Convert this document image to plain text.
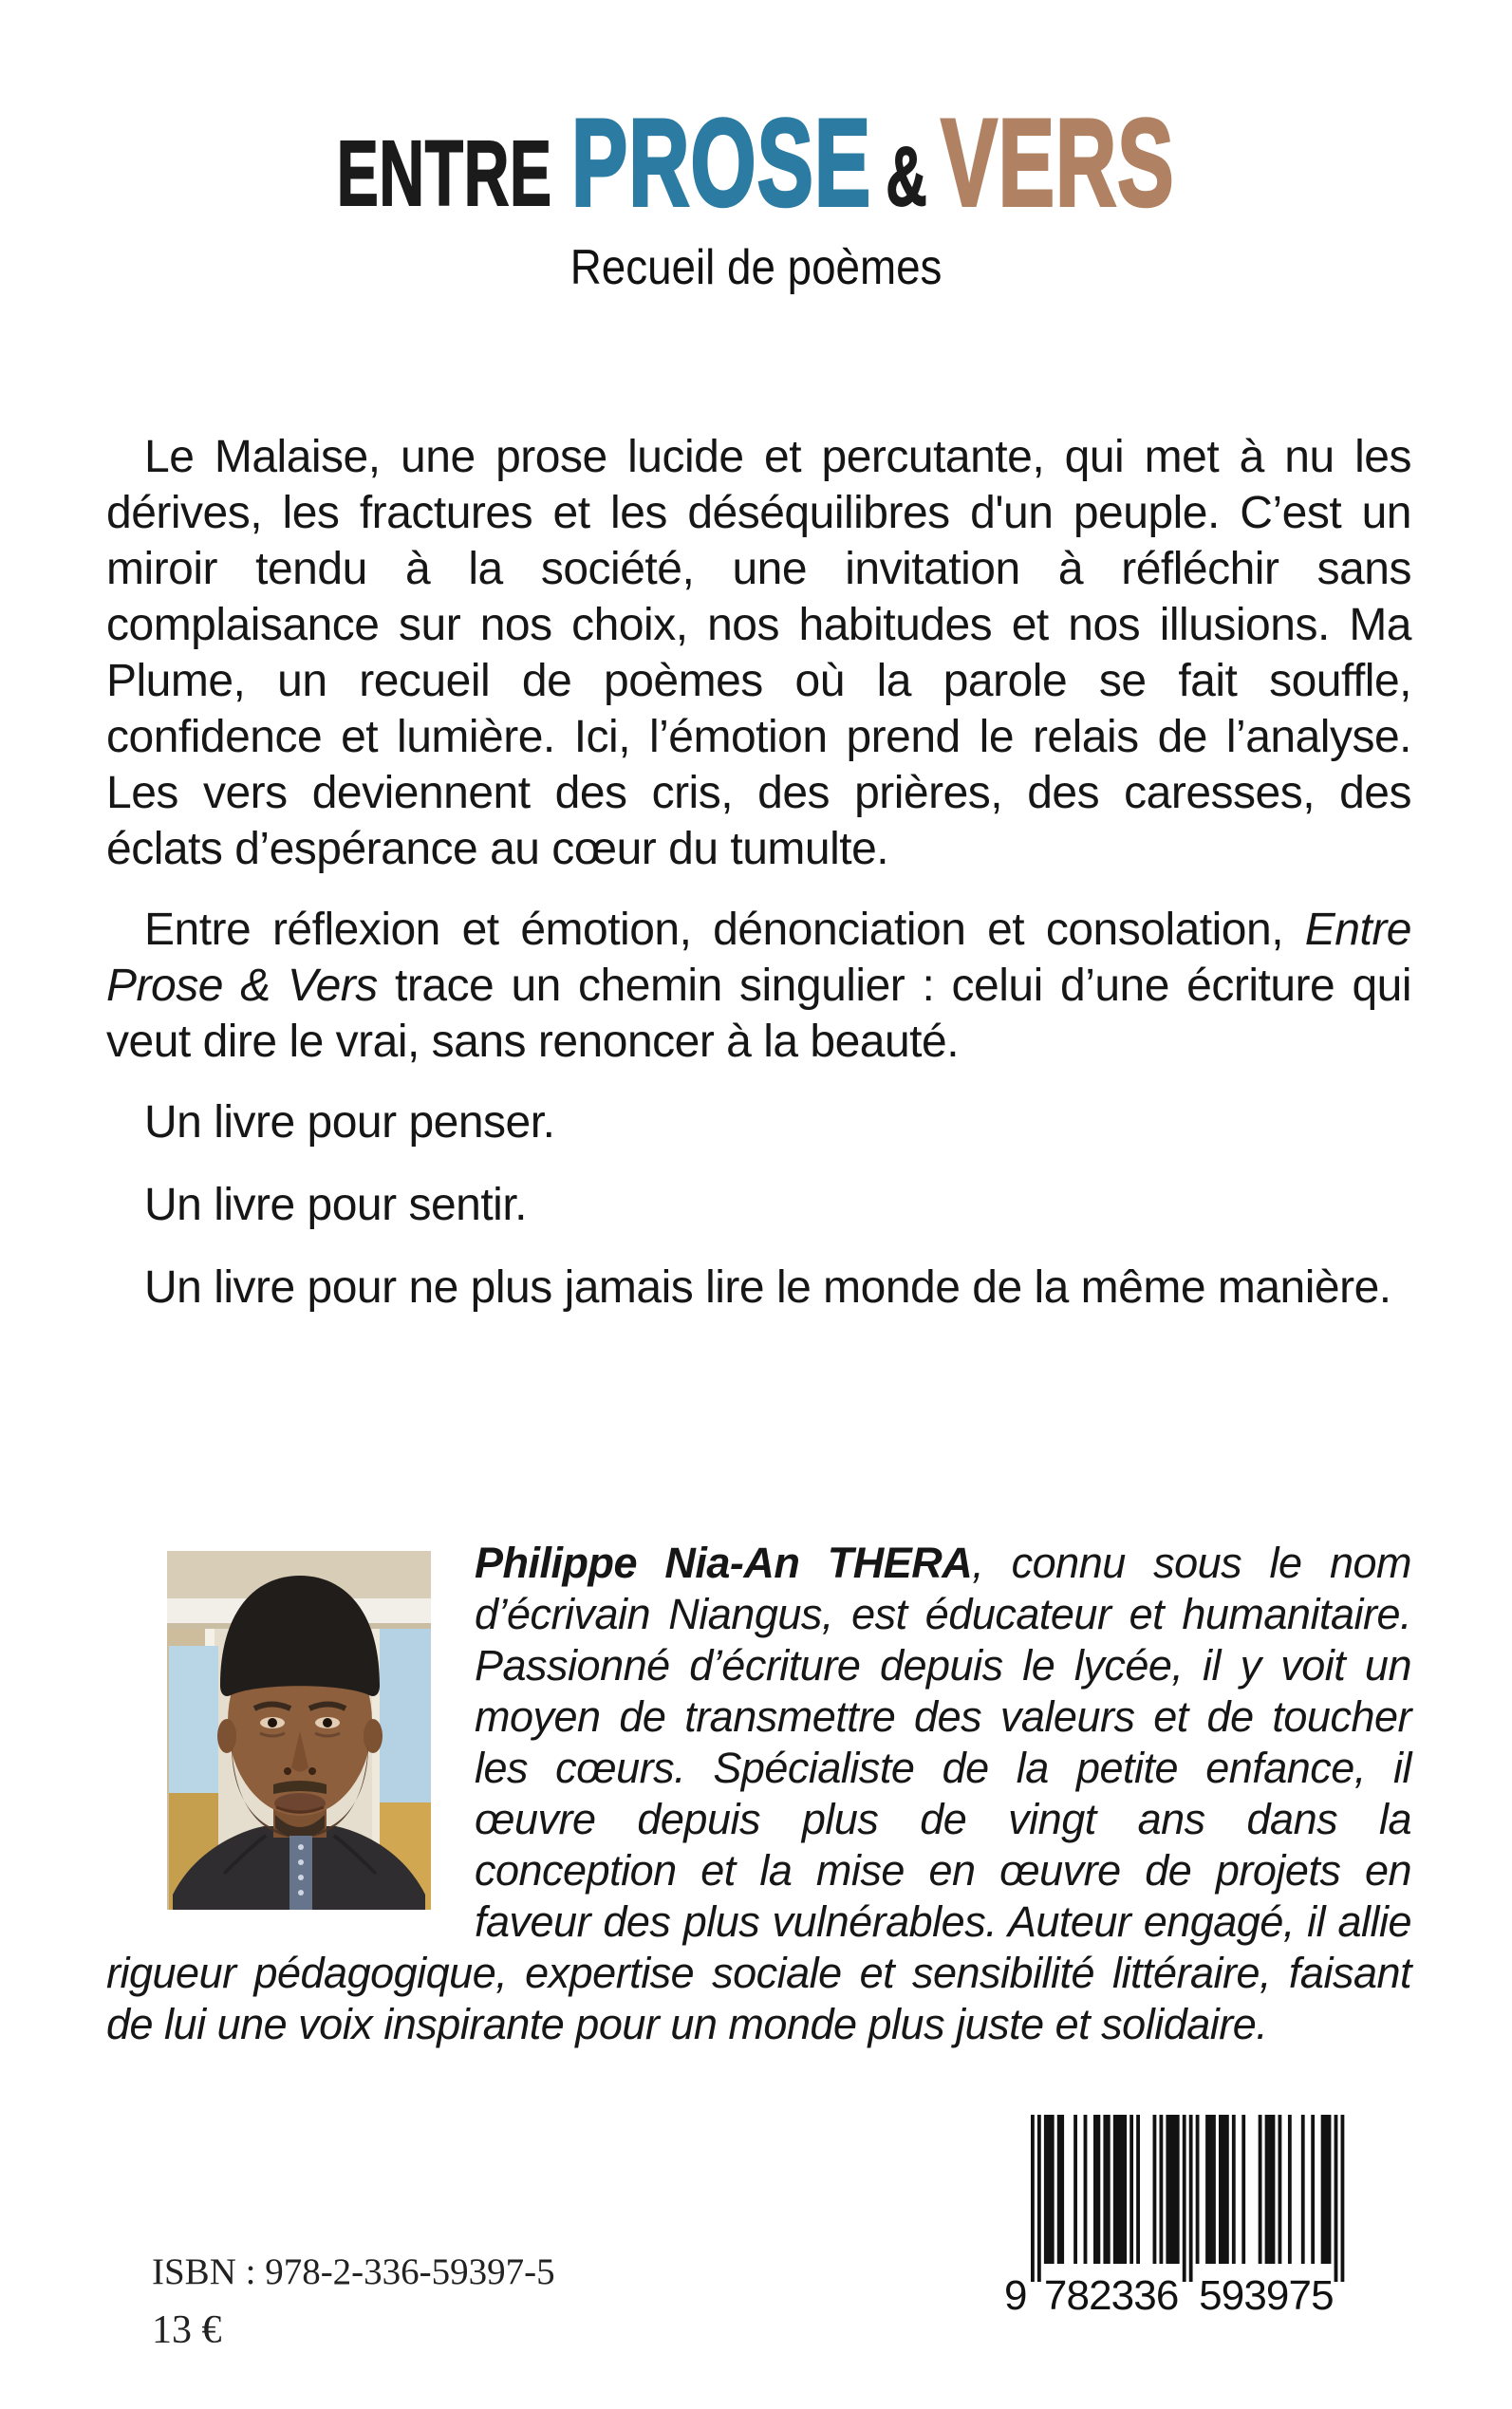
ENTRE PROSE & VERS
Recueil de poèmes

Le Malaise, une prose lucide et percutante, qui met à nu les dérives, les fractures et les déséquilibres d'un peuple. C’est un miroir tendu à la société, une invitation à réfléchir sans complaisance sur nos choix, nos habitudes et nos illusions. Ma Plume, un recueil de poèmes où la parole se fait souffle, confidence et lumière. Ici, l’émotion prend le relais de l’analyse. Les vers deviennent des cris, des prières, des caresses, des éclats d’espérance au cœur du tumulte.

Entre réflexion et émotion, dénonciation et consolation, Entre Prose & Vers trace un chemin singulier : celui d’une écriture qui veut dire le vrai, sans renoncer à la beauté.

Un livre pour penser.

Un livre pour sentir.

Un livre pour ne plus jamais lire le monde de la même manière.

Philippe Nia-An THERA, connu sous le nom d’écrivain Niangus, est éducateur et humanitaire. Passionné d’écriture depuis le lycée, il y voit un moyen de transmettre des valeurs et de toucher les cœurs. Spécialiste de la petite enfance, il œuvre depuis plus de vingt ans dans la conception et la mise en œuvre de projets en faveur des plus vulnérables. Auteur engagé, il allie rigueur pédagogique, expertise sociale et sensibilité littéraire, faisant de lui une voix inspirante pour un monde plus juste et solidaire.
ISBN : 978-2-336-59397-5
13 €
9 782336 593975
